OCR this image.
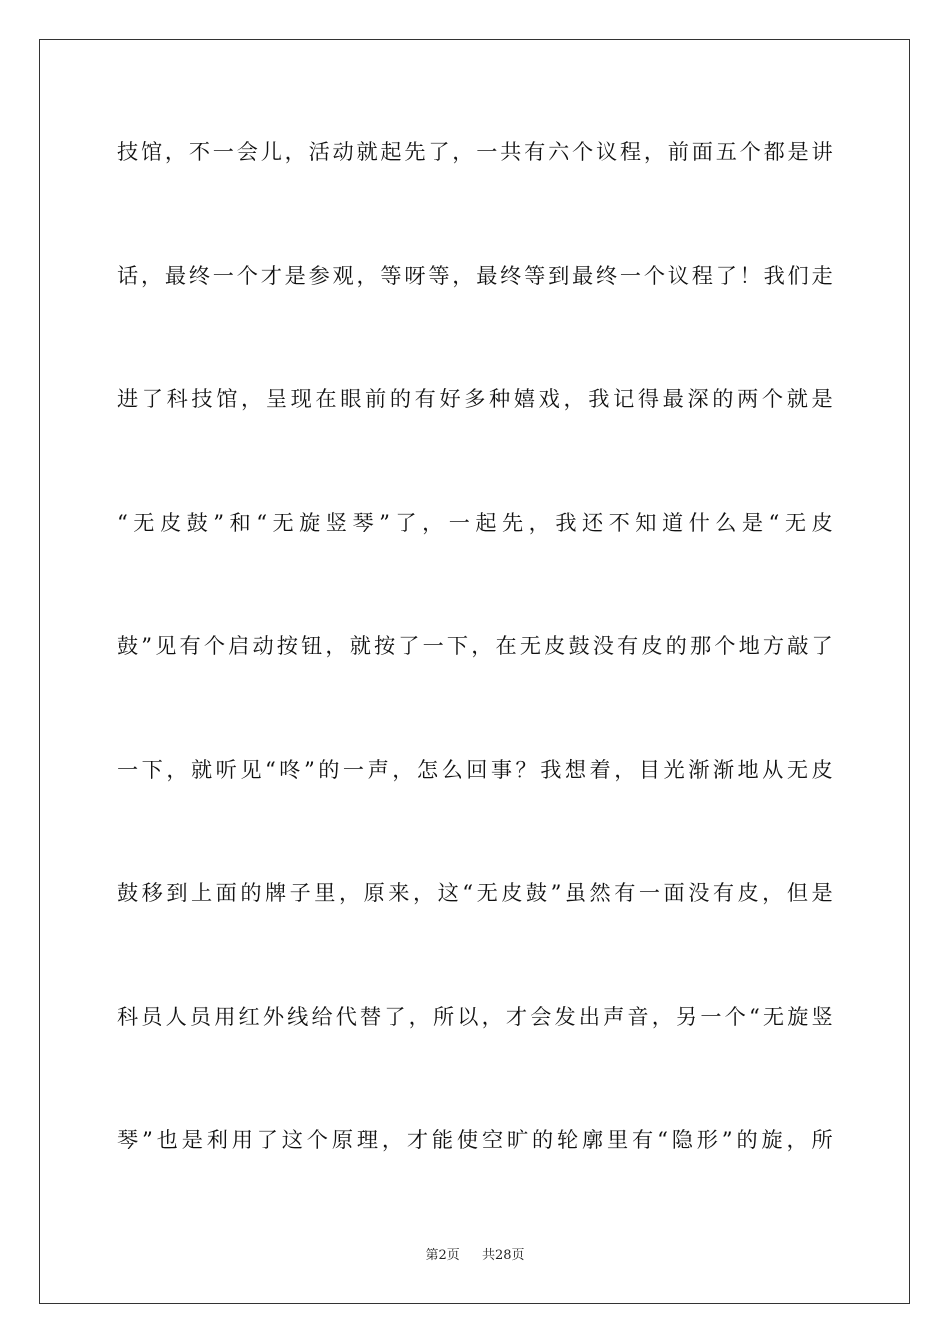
技馆，不一会儿，活动就起先了，一共有六个议程，前面五个都是讲
话，最终一个才是参观，等呀等，最终等到最终一个议程了！我们走
进了科技馆，呈现在眼前的有好多种嬉戏，我记得最深的两个就是
“无皮鼓”和“无旋竖琴”了，一起先，我还不知道什么是“无皮
鼓”见有个启动按钮，就按了一下，在无皮鼓没有皮的那个地方敲了
一下，就听见“咚”的一声，怎么回事？我想着，目光渐渐地从无皮
鼓移到上面的牌子里，原来，这“无皮鼓”虽然有一面没有皮，但是
科员人员用红外线给代替了，所以，才会发出声音，另一个“无旋竖
琴”也是利用了这个原理，才能使空旷的轮廓里有“隐形”的旋，所
第2页 共28页
